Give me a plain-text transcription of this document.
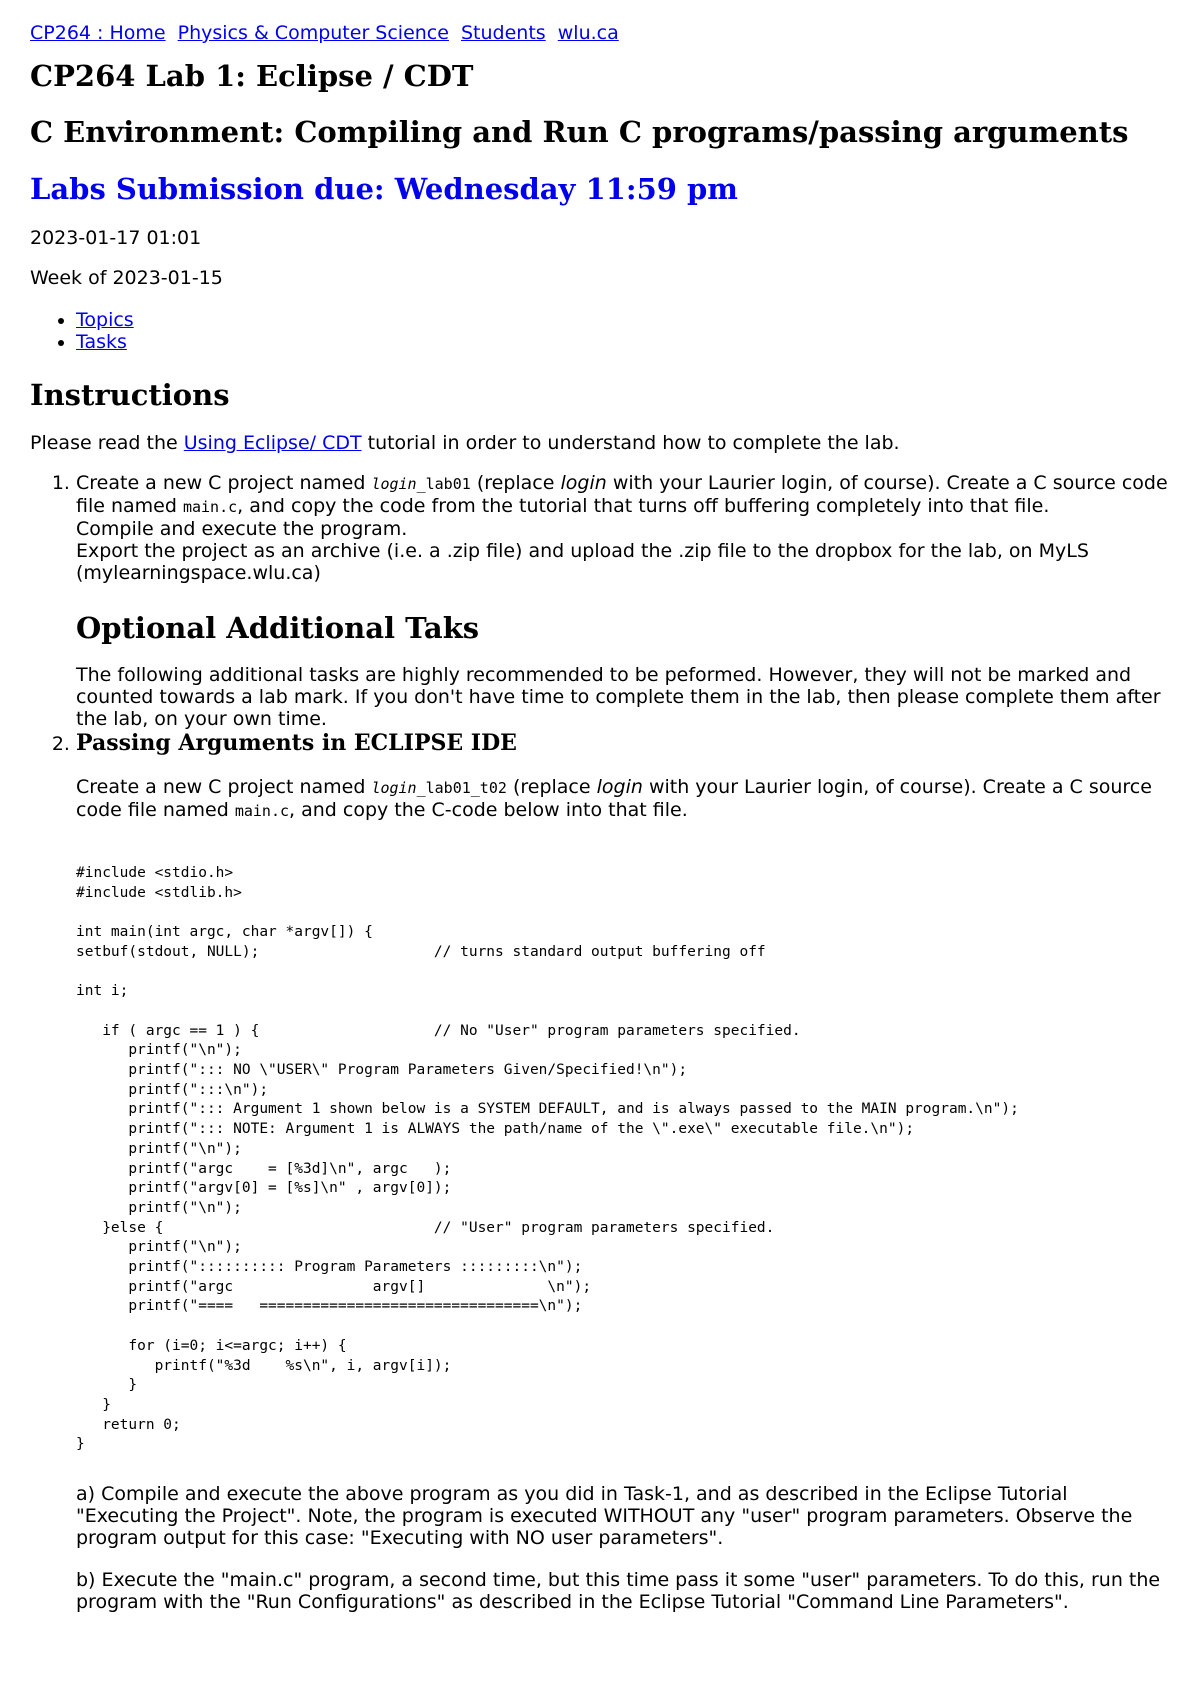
CP264 : Home Physics & Computer Science Students wlu.ca
CP264 Lab 1: Eclipse / CDT
C Environment: Compiling and Run C programs/passing arguments
Labs Submission due: Wednesday 11:59 pm

2023-01-17 01:01

Week of 2023-01-15

• Topics
• Tasks
Instructions

Please read the Using Eclipse/ CDT tutorial in order to understand how to complete the lab.

1. Create a new C project named login_lab01 (replace login with your Laurier login, of course). Create a C source code file named main.c, and copy the code from the tutorial that turns off buffering completely into that file.
Compile and execute the program.
Export the project as an archive (i.e. a .zip file) and upload the .zip file to the dropbox for the lab, on MyLS (mylearningspace.wlu.ca)
Optional Additional Taks

The following additional tasks are highly recommended to be peformed. However, they will not be marked and counted towards a lab mark. If you don't have time to complete them in the lab, then please complete them after the lab, on your own time.

2. Passing Arguments in ECLIPSE IDE

Create a new C project named login_lab01_t02 (replace login with your Laurier login, of course). Create a C source code file named main.c, and copy the C-code below into that file.

#include <stdio.h>
#include <stdlib.h>

int main(int argc, char *argv[]) {
setbuf(stdout, NULL);                    // turns standard output buffering off

int i;

if ( argc == 1 ) {                    // No "User" program parameters specified.
printf("\n");
printf("::: NO \"USER\" Program Parameters Given/Specified!\n");
printf(":::\n");
printf("::: Argument 1 shown below is a SYSTEM DEFAULT, and is always passed to the MAIN program.\n");
printf("::: NOTE: Argument 1 is ALWAYS the path/name of the \".exe\" executable file.\n");
printf("\n");
printf("argc    = [%3d]\n", argc   );
printf("argv[0] = [%s]\n" , argv[0]);
printf("\n");
}else {                               // "User" program parameters specified.
printf("\n");
printf(":::::::::: Program Parameters :::::::::\n");
printf("argc                argv[]              \n");
printf("====   ================================\n");

for (i=0; i<=argc; i++) {
printf("%3d    %s\n", i, argv[i]);
}
}
return 0;
}

a) Compile and execute the above program as you did in Task-1, and as described in the Eclipse Tutorial "Executing the Project". Note, the program is executed WITHOUT any "user" program parameters. Observe the program output for this case: "Executing with NO user parameters".

b) Execute the "main.c" program, a second time, but this time pass it some "user" parameters. To do this, run the program with the "Run Configurations" as described in the Eclipse Tutorial "Command Line Parameters".
